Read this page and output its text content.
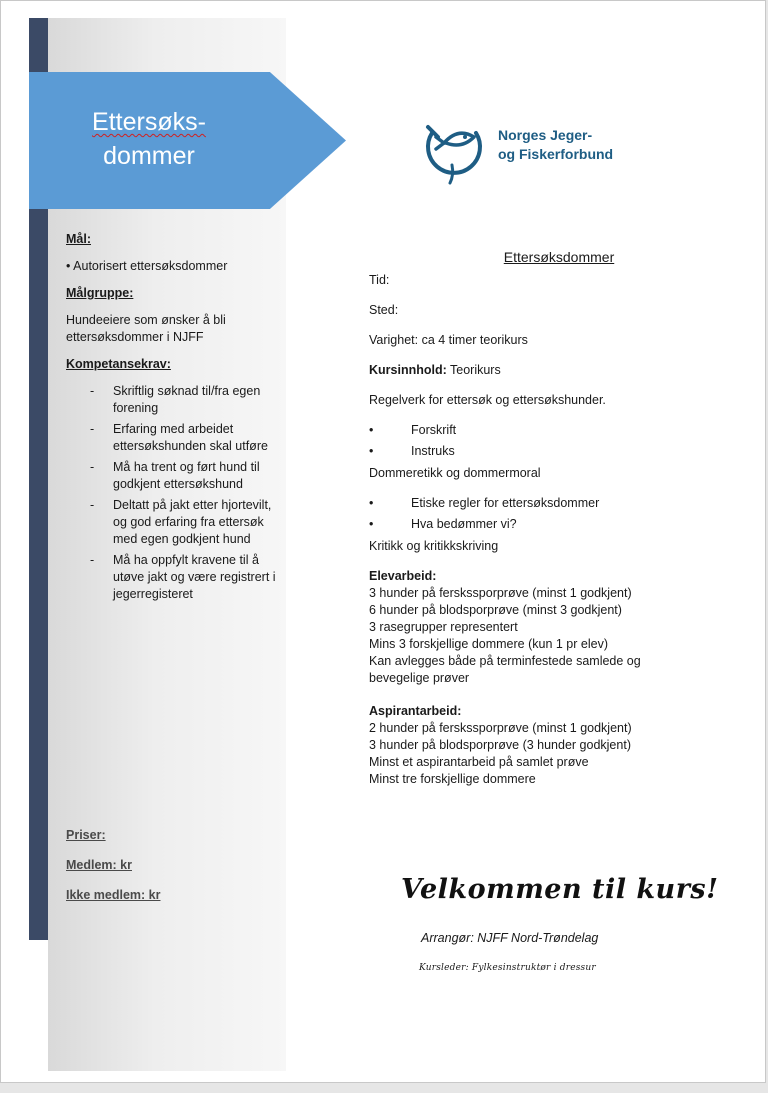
Ettersøks-
dommer
Mål:
• Autorisert ettersøksdommer
Målgruppe:
Hundeeiere som ønsker å bli ettersøksdommer i NJFF
Kompetansekrav:
- Skriftlig søknad til/fra egen forening
- Erfaring med arbeidet ettersøkshunden skal utføre
- Må ha trent og ført hund til godkjent ettersøkshund
- Deltatt på jakt etter hjortevilt, og god erfaring fra ettersøk med egen godkjent hund
- Må ha oppfylt kravene til å utøve jakt og være registrert i jegerregisteret
Priser:
Medlem: kr
Ikke medlem: kr
Norges Jeger-
og Fiskerforbund
Ettersøksdommer

Tid:

Sted:

Varighet: ca 4 timer teorikurs

Kursinnhold: Teorikurs

Regelverk for ettersøk og ettersøkshunder.

• Forskrift
• Instruks

Dommeretikk og dommermoral

• Etiske regler for ettersøksdommer
• Hva bedømmer vi?

Kritikk og kritikkskriving

Elevarbeid:

3 hunder på ferskssporprøve (minst 1 godkjent)

6 hunder på blodsporprøve (minst 3 godkjent)

3 rasegrupper representert

Mins 3 forskjellige dommere (kun 1 pr elev)

Kan avlegges både på terminfestede samlede og bevegelige prøver

Aspirantarbeid:

2 hunder på ferskssporprøve (minst 1 godkjent)

3 hunder på blodsporprøve (3 hunder godkjent)

Minst et aspirantarbeid på samlet prøve

Minst tre forskjellige dommere

Velkommen til kurs!
Arrangør: NJFF Nord-Trøndelag
Kursleder: Fylkesinstruktør i dressur
